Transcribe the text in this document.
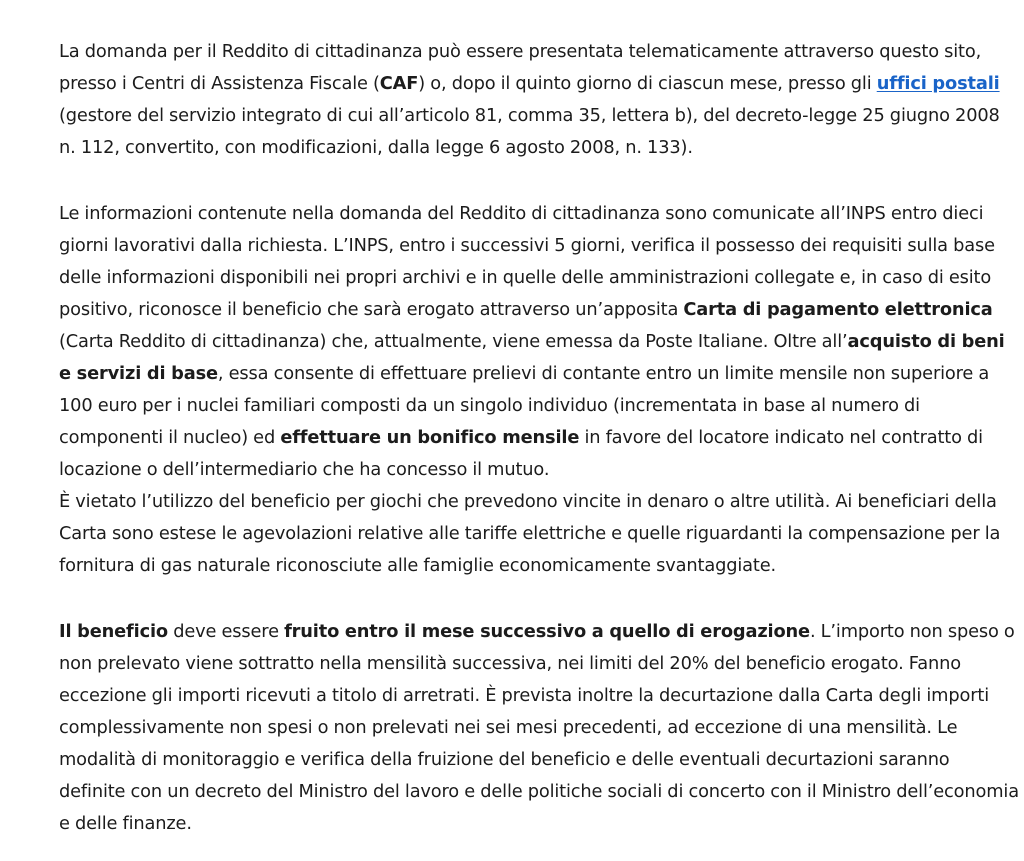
La domanda per il Reddito di cittadinanza può essere presentata telematicamente attraverso questo sito, presso i Centri di Assistenza Fiscale (CAF) o, dopo il quinto giorno di ciascun mese, presso gli uffici postali (gestore del servizio integrato di cui all’articolo 81, comma 35, lettera b), del decreto-legge 25 giugno 2008 n. 112, convertito, con modificazioni, dalla legge 6 agosto 2008, n. 133).

Le informazioni contenute nella domanda del Reddito di cittadinanza sono comunicate all’INPS entro dieci giorni lavorativi dalla richiesta. L’INPS, entro i successivi 5 giorni, verifica il possesso dei requisiti sulla base delle informazioni disponibili nei propri archivi e in quelle delle amministrazioni collegate e, in caso di esito positivo, riconosce il beneficio che sarà erogato attraverso un’apposita Carta di pagamento elettronica (Carta Reddito di cittadinanza) che, attualmente, viene emessa da Poste Italiane. Oltre all’acquisto di beni e servizi di base, essa consente di effettuare prelievi di contante entro un limite mensile non superiore a 100 euro per i nuclei familiari composti da un singolo individuo (incrementata in base al numero di componenti il nucleo) ed effettuare un bonifico mensile in favore del locatore indicato nel contratto di locazione o dell’intermediario che ha concesso il mutuo.

È vietato l’utilizzo del beneficio per giochi che prevedono vincite in denaro o altre utilità. Ai beneficiari della Carta sono estese le agevolazioni relative alle tariffe elettriche e quelle riguardanti la compensazione per la fornitura di gas naturale riconosciute alle famiglie economicamente svantaggiate.

Il beneficio deve essere fruito entro il mese successivo a quello di erogazione. L’importo non speso o non prelevato viene sottratto nella mensilità successiva, nei limiti del 20% del beneficio erogato. Fanno eccezione gli importi ricevuti a titolo di arretrati. È prevista inoltre la decurtazione dalla Carta degli importi complessivamente non spesi o non prelevati nei sei mesi precedenti, ad eccezione di una mensilità. Le modalità di monitoraggio e verifica della fruizione del beneficio e delle eventuali decurtazioni saranno definite con un decreto del Ministro del lavoro e delle politiche sociali di concerto con il Ministro dell’economia e delle finanze.
